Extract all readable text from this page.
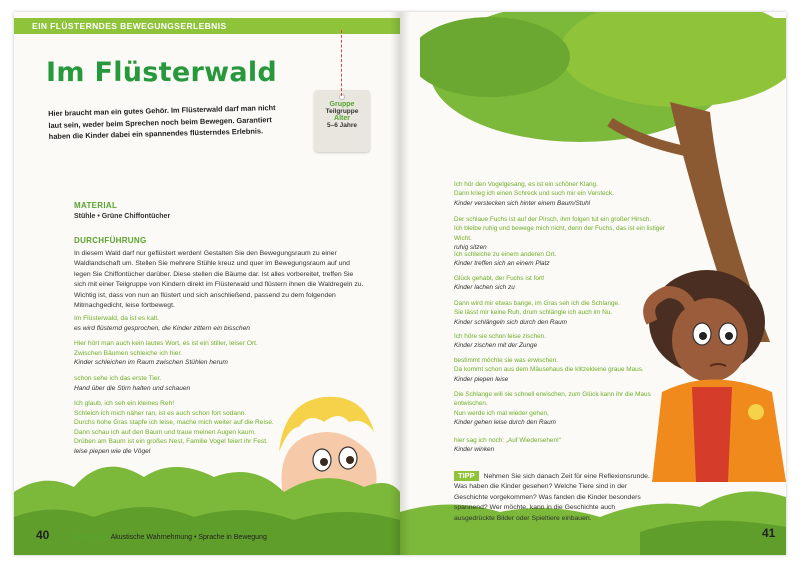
EIN FLÜSTERNDES BEWEGUNGSERLEBNIS
Im Flüsterwald
Hier braucht man ein gutes Gehör. Im Flüsterwald darf man nicht laut sein, weder beim Sprechen noch beim Bewegen. Garantiert haben die Kinder dabei ein spannendes flüsterndes Erlebnis.
Gruppe
Teilgruppe
Alter
5–6 Jahre
MATERIAL
Stühle • Grüne Chiffontücher
DURCHFÜHRUNG
In diesem Wald darf nur geflüstert werden! Gestalten Sie den Bewegungsraum zu einer Waldlandschaft um. Stellen Sie mehrere Stühle kreuz und quer im Bewegungsraum auf und legen Sie Chiffontücher darüber. Diese stellen die Bäume dar. Ist alles vorbereitet, treffen Sie sich mit einer Teilgruppe von Kindern direkt im Flüsterwald und flüstern ihnen die Waldregeln zu. Wichtig ist, dass von nun an flüstert und sich anschließend, passend zu dem folgenden Mitmachgedicht, leise fortbewegt.
Im Flüsterwald, da ist es kalt.
es wird flüsternd gesprochen, die Kinder zittern ein bisschen
Hier hört man auch kein lautes Wort, es ist ein stiller, leiser Ort.
Zwischen Bäumen schleiche ich hier.
Kinder schleichen im Raum zwischen Stühlen herum
schon sehe ich das erste Tier.
Hand über die Stirn halten und schauen
Ich glaub, ich seh ein kleines Reh!
Schleich ich mich näher ran, ist es auch schon fort sodann.
Durchs hohe Gras stapfe ich leise, mache mich weiter auf die Reise.
Dann schau ich auf den Baum und traue meinen Augen kaum.
Drüben am Baum ist ein großes Nest, Familie Vogel feiert ihr Fest.
leise piepen wie die Vögel
40	Förderziele: Akustische Wahrnehmung • Sprache in Bewegung
Ich hör den Vogelgesang, es ist ein schöner Klang.
Dann krieg ich einen Schreck und such mir ein Versteck.
Kinder verstecken sich hinter einem Baum/Stuhl
Der schlaue Fuchs ist auf der Pirsch, ihm folgen tut ein großer Hirsch.
Ich bleibe ruhig und bewege mich nicht, denn der Fuchs, das ist ein listiger Wicht.
ruhig sitzen
Ich schleiche zu einem anderen Ort.
Kinder treffen sich an einem Platz
Glück gehabt, der Fuchs ist fort!
Kinder lachen sich zu
Dann wird mir etwas bange, im Gras seh ich die Schlange.
Sie lässt mir keine Ruh, drum schlängle ich auch im Nu.
Kinder schlängeln sich durch den Raum
Ich höre sie schon leise zischen.
Kinder zischen mit der Zunge
bestimmt möchte sie was erwischen.
Da kommt schon aus dem Mäusehaus die klitzekleine graue Maus.
Kinder piepen leise
Die Schlange will sie schnell erwischen, zum Glück kann ihr die Maus entwischen.
Nun werde ich mal wieder gehen,
Kinder gehen leise durch den Raum
hier sag ich noch: „Auf Wiedersehen!“
Kinder winken
TIPP Nehmen Sie sich danach Zeit für eine Reflexionsrunde. Was haben die Kinder gesehen? Welche Tiere sind in der Geschichte vorgekommen? Was fanden die Kinder besonders spannend? Wer möchte, kann in die Geschichte auch ausgedrückte Bilder oder Spieltiere einbauen.
41
